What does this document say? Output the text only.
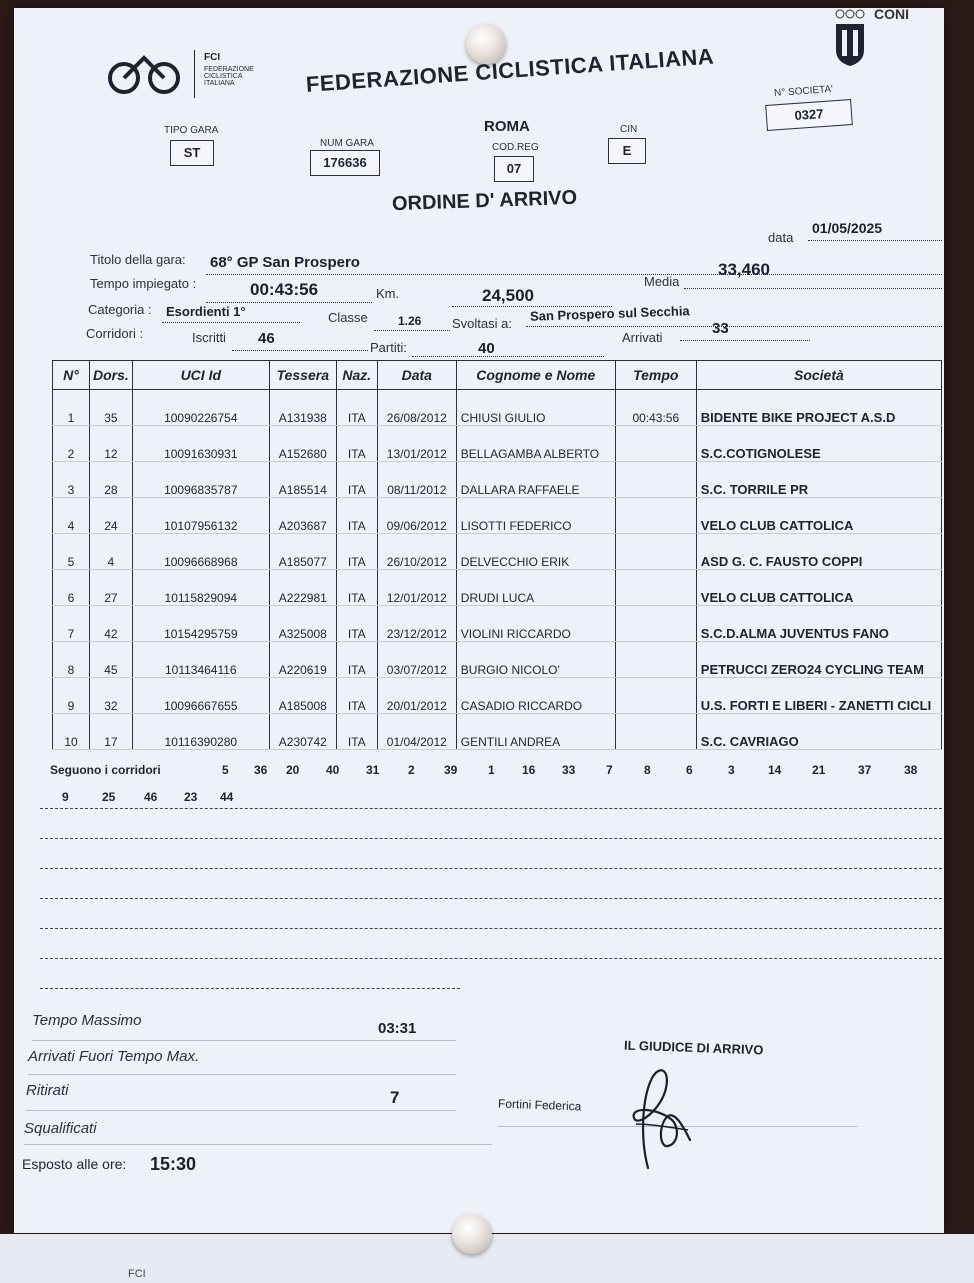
FCI
FCI
FEDERAZIONE
CICLISTICA
ITALIANA	FEDERAZIONE CICLISTICA ITALIANA
ROMA
CONI
TIPO GARA
ST
NUM GARA
176636
COD.REG
07
CIN
E
N° SOCIETA'
0327
ORDINE D' ARRIVO
data
01/05/2025
Titolo della gara: 68° GP San Prospero
Tempo impiegato :	00:43:56	Km.	24,500
Media
33,460
Categoria : Esordienti 1°	Classe	1.26 Svoltasi a: San Prospero sul Secchia
Corridori :	Iscritti 46
Partiti:	40
Arrivati
33
N°	Dors.	UCI Id	Tessera	Naz.	Data	Cognome e Nome	Tempo	Società
1	35	10090226754	A131938	ITA	26/08/2012	CHIUSI GIULIO	00:43:56	BIDENTE BIKE PROJECT A.S.D
2	12	10091630931	A152680	ITA	13/01/2012	BELLAGAMBA ALBERTO		S.C.COTIGNOLESE
3	28	10096835787	A185514	ITA	08/11/2012	DALLARA RAFFAELE		S.C. TORRILE PR
4	24	10107956132	A203687	ITA	09/06/2012	LISOTTI FEDERICO		VELO CLUB CATTOLICA
5	4	10096668968	A185077	ITA	26/10/2012	DELVECCHIO ERIK		ASD G. C. FAUSTO COPPI
6	27	10115829094	A222981	ITA	12/01/2012	DRUDI LUCA		VELO CLUB CATTOLICA
7	42	10154295759	A325008	ITA	23/12/2012	VIOLINI RICCARDO		S.C.D.ALMA JUVENTUS FANO
8	45	10113464116	A220619	ITA	03/07/2012	BURGIO NICOLO'		PETRUCCI ZERO24 CYCLING TEAM
9	32	10096667655	A185008	ITA	20/01/2012	CASADIO RICCARDO		U.S. FORTI E LIBERI - ZANETTI CICLI
10	17	10116390280	A230742	ITA	01/04/2012	GENTILI ANDREA		S.C. CAVRIAGO
Seguono i corridori	5 36 20 40 31 2 39	1 16 33	7	8	6	3	14	21	37	38
9	25 46 23 44
Tempo Massimo	03:31
Arrivati Fuori Tempo Max.
Ritirati	7
Squalificati
Esposto alle ore: 15:30
IL GIUDICE DI ARRIVO
Fortini Federica
